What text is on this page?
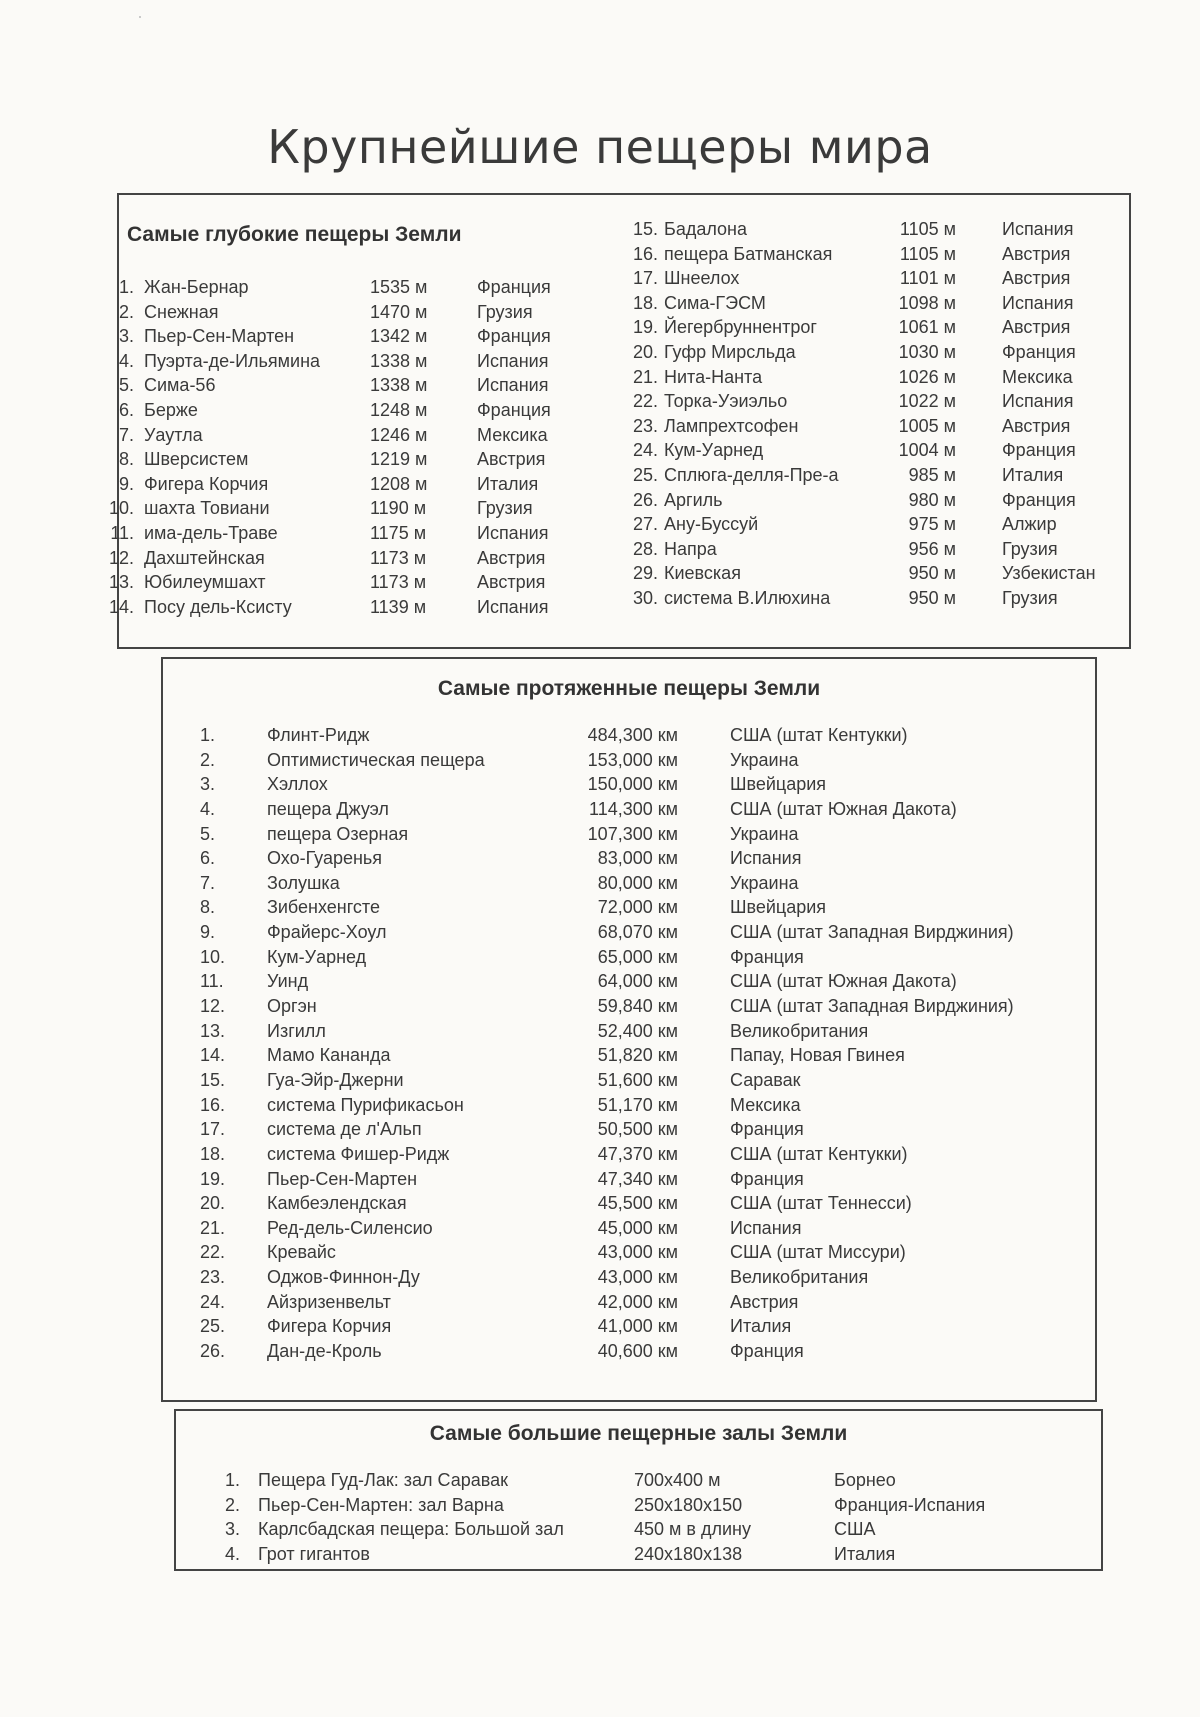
Крупнейшие пещеры мира
Самые глубокие пещеры Земли
1. Жан-Бернар	1535 м	Франция
2. Снежная	1470 м	Грузия
3. Пьер-Сен-Мартен	1342 м	Франция
4. Пуэрта-де-Ильямина	1338 м	Испания
5. Сима-56	1338 м	Испания
6. Берже	1248 м	Франция
7. Уаутла	1246 м	Мексика
8. Шверсистем	1219 м	Австрия
9. Фигера Корчия	1208 м	Италия
10. шахта Товиани	1190 м	Грузия
11. има-дель-Траве	1175 м	Испания
12. Дахштейнская	1173 м	Австрия
13. Юбилеумшахт	1173 м	Австрия
14. Посу дель-Ксисту	1139 м	Испания
15. Бадалона	1105 м	Испания
16. пещера Батманская	1105 м	Австрия
17. Шнеелох	1101 м	Австрия
18. Сима-ГЭСМ	1098 м	Испания
19. Йегербруннентрог	1061 м	Австрия
20. Гуфр Мирсльда	1030 м	Франция
21. Нита-Нанта	1026 м	Мексика
22. Торка-Уэиэльо	1022 м	Испания
23. Лампрехтсофен	1005 м	Австрия
24. Кум-Уарнед	1004 м	Франция
25. Сплюга-делля-Пре-а	985 м	Италия
26. Аргиль	980 м	Франция
27. Ану-Буссуй	975 м	Алжир
28. Напра	956 м	Грузия
29. Киевская	950 м	Узбекистан
30. система В.Илюхина	950 м	Грузия
Самые протяженные пещеры Земли
1.	Флинт-Ридж	484,300 км	США (штат Кентукки)
2.	Оптимистическая пещера	153,000 км	Украина
3.	Хэллох	150,000 км	Швейцария
4.	пещера Джуэл	114,300 км	США (штат Южная Дакота)
5.	пещера Озерная	107,300 км	Украина
6.	Охо-Гуаренья	83,000 км	Испания
7.	Золушка	80,000 км	Украина
8.	Зибенхенгсте	72,000 км	Швейцария
9.	Фрайерс-Хоул	68,070 км	США (штат Западная Вирджиния)
10.	Кум-Уарнед	65,000 км	Франция
11.	Уинд	64,000 км	США (штат Южная Дакота)
12.	Оргэн	59,840 км	США (штат Западная Вирджиния)
13.	Изгилл	52,400 км	Великобритания
14.	Мамо Кананда	51,820 км	Папау, Новая Гвинея
15.	Гуа-Эйр-Джерни	51,600 км	Саравак
16.	система Пурификасьон	51,170 км	Мексика
17.	система де л'Альп	50,500 км	Франция
18.	система Фишер-Ридж	47,370 км	США (штат Кентукки)
19.	Пьер-Сен-Мартен	47,340 км	Франция
20.	Камбеэлендская	45,500 км	США (штат Теннесси)
21.	Ред-дель-Силенсио	45,000 км	Испания
22.	Кревайс	43,000 км	США (штат Миссури)
23.	Оджов-Финнон-Ду	43,000 км	Великобритания
24.	Айзризенвельт	42,000 км	Австрия
25.	Фигера Корчия	41,000 км	Италия
26.	Дан-де-Кроль	40,600 км	Франция
Самые большие пещерные залы Земли
1. Пещера Гуд-Лак: зал Саравак	700х400 м	Борнео
2. Пьер-Сен-Мартен: зал Варна	250х180х150	Франция-Испания
3. Карлсбадская пещера: Большой зал	450 м в длину	США
4. Грот гигантов	240х180х138	Италия
